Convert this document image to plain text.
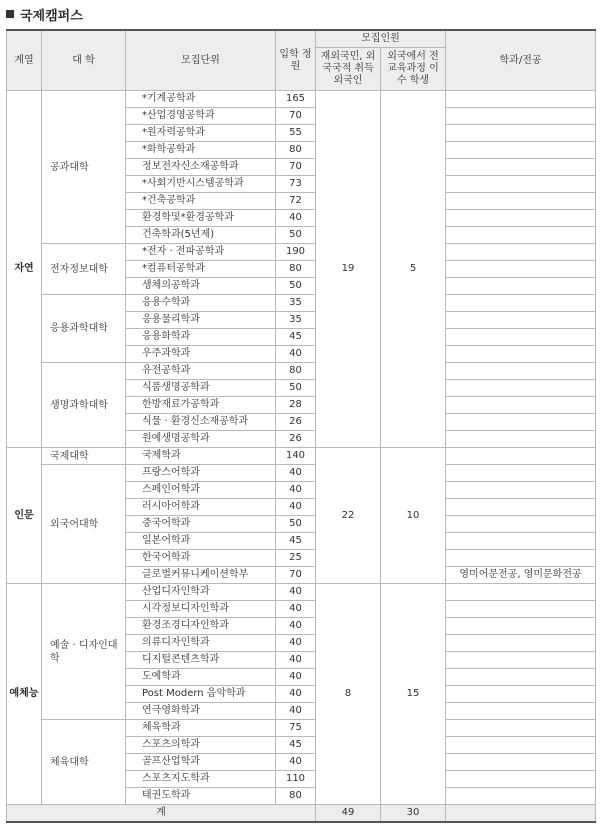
국제캠퍼스
계열	대 학	모집단위	입학 정원	모집인원		학과/전공
				재외국민, 외국국적 취득 외국인	외국에서 전교육과정 이수 학생	
자연	공과대학	*기계공학과	165	19	5	
		*산업경영공학과	70			
		*원자력공학과	55			
		*화학공학과	80			
		정보전자신소재공학과	70			
		*사회기반시스템공학과	73			
		*건축공학과	72			
		환경학및*환경공학과	40			
		건축학과(5년제)	50			
	전자정보대학	*전자 · 전파공학과	190			
		*컴퓨터공학과	80			
		생체의공학과	50			
	응용과학대학	응용수학과	35			
		응용물리학과	35			
		응용화학과	45			
		우주과학과	40			
	생명과학대학	유전공학과	80			
		식품생명공학과	50			
		한방재료가공학과	28			
		식물 · 환경신소재공학과	26			
		원예생명공학과	26			
인문	국제대학	국제학과	140	22	10	
	외국어대학	프랑스어학과	40			
		스페인어학과	40			
		러시아어학과	40			
		중국어학과	50			
		일본어학과	45			
		한국어학과	25			
		글로벌커뮤니케이션학부	70			영미어문전공, 영미문화전공
예체능	예술 · 디자인대학	산업디자인학과	40	8	15	
		시각정보디자인학과	40			
		환경조경디자인학과	40			
		의류디자인학과	40			
		디지털콘텐츠학과	40			
		도예학과	40			
		Post Modern 음악학과	40			
		연극영화학과	40			
	체육대학	체육학과	75			
		스포츠의학과	45			
		골프산업학과	40			
		스포츠지도학과	110			
		태권도학과	80			
계				49	30	
